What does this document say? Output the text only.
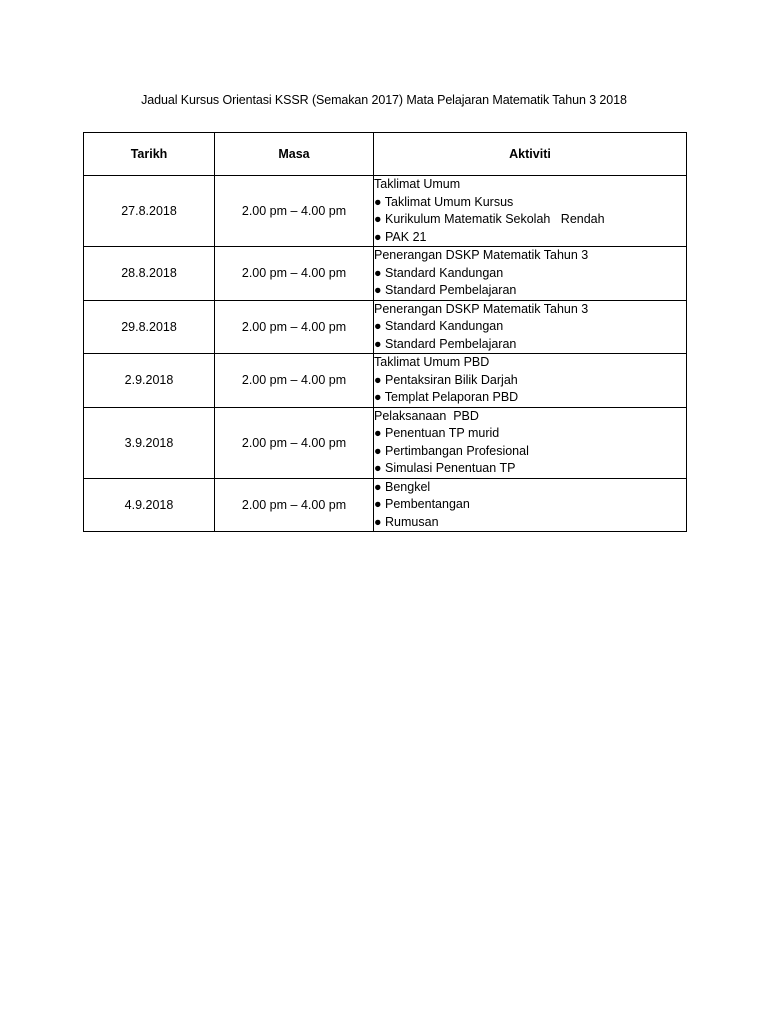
Jadual Kursus Orientasi KSSR (Semakan 2017) Mata Pelajaran Matematik Tahun 3 2018
Tarikh	Masa	Aktiviti
27.8.2018	2.00 pm – 4.00 pm	Taklimat Umum
● Taklimat Umum Kursus
● Kurikulum Matematik Sekolah   Rendah
● PAK 21

28.8.2018	2.00 pm – 4.00 pm	Penerangan DSKP Matematik Tahun 3
● Standard Kandungan
● Standard Pembelajaran

29.8.2018	2.00 pm – 4.00 pm	Penerangan DSKP Matematik Tahun 3
● Standard Kandungan
● Standard Pembelajaran

2.9.2018	2.00 pm – 4.00 pm	Taklimat Umum PBD
● Pentaksiran Bilik Darjah
● Templat Pelaporan PBD

3.9.2018	2.00 pm – 4.00 pm	Pelaksanaan  PBD
● Penentuan TP murid
● Pertimbangan Profesional
● Simulasi Penentuan TP

4.9.2018	2.00 pm – 4.00 pm	● Bengkel
● Pembentangan
● Rumusan
